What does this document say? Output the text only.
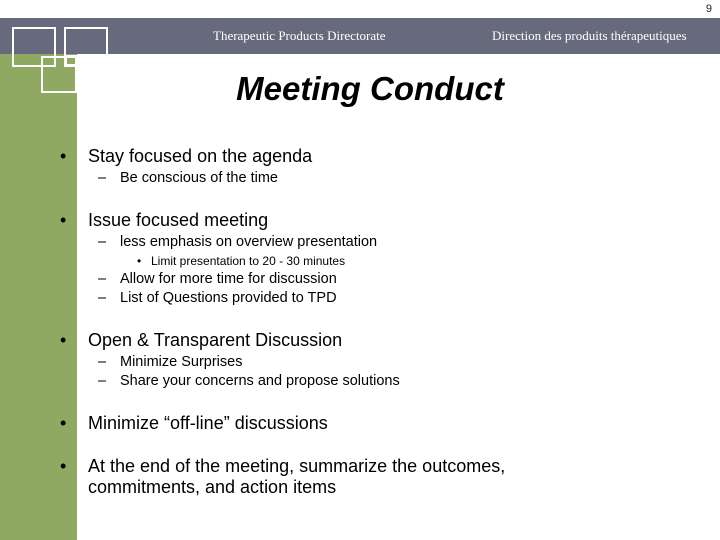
9
Therapeutic Products Directorate	Direction des produits thérapeutiques
Meeting Conduct
• Stay focused on the agenda
– Be conscious of the time
• Issue focused meeting
– less emphasis on overview presentation
• Limit presentation to 20 - 30 minutes
– Allow for more time for discussion
– List of Questions provided to TPD
• Open & Transparent Discussion
– Minimize Surprises
– Share your concerns and propose solutions
• Minimize “off-line” discussions
• At the end of the meeting, summarize the outcomes, commitments, and action items
